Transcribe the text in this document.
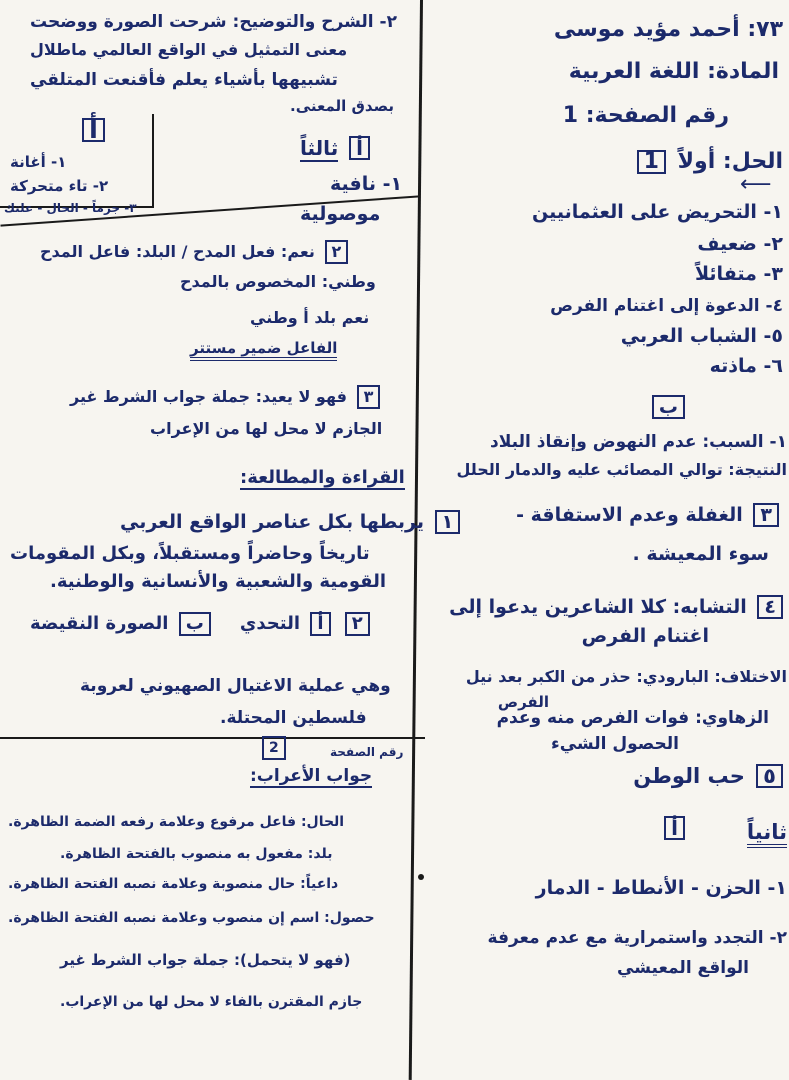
٧٣: أحمد مؤيد موسى
المادة: اللغة العربية
رقم الصفحة: 1
الحل: أولاً 1
⟵
١- التحريض على العثمانيين
٢- ضعيف
٣- متفائلاً
٤- الدعوة إلى اغتنام الفرص
٥- الشباب العربي
٦- ماذته
ب
١- السبب: عدم النهوض وإنقاذ البلاد
النتيجة: توالي المصائب عليه والدمار الحلل
٣ الغفلة وعدم الاستفاقة -
سوء المعيشة .
٤ التشابه: كلا الشاعرين يدعوا إلى
اغتنام الفرص
الاختلاف: البارودي: حذر من الكبر بعد نيل
الفرص
الزهاوي: فوات الفرص منه وعدم
الحصول الشيء
٥ حب الوطن
ثانياً
أ
١- الحزن - الأنطاط - الدمار
٢- التجدد واستمرارية مع عدم معرفة
الواقع المعيشي
٢- الشرح والتوضيح: شرحت الصورة ووضحت
معنى التمثيل في الواقع العالمي ماطلال
تشبيهها بأشياء يعلم فأقنعت المتلقي
بصدق المعنى.
أ
١- أغانة
٢- تاء متحركة
٣- جرماً - الحال - علتك
أ ثالثاً
١- نافية
موصولية
٢ نعم: فعل المدح / البلد: فاعل المدح
وطني: المخصوص بالمدح
نعم بلد أ وطني
الفاعل ضمير مستتر
٣ فهو لا يعيد: جملة جواب الشرط غير
الجازم لا محل لها من الإعراب
القراءة والمطالعة:
١ يربطها بكل عناصر الواقع العربي
تاريخاً وحاضراً ومستقبلاً، وبكل المقومات
القومية والشعبية والأنسانية والوطنية.
٢ أ التحدي    ب الصورة النقيضة
وهي عملية الاغتيال الصهيوني لعروبة
فلسطين المحتلة.
رقم الصفحة
2
جواب الأعراب:
الحال: فاعل مرفوع وعلامة رفعه الضمة الظاهرة.
بلد: مفعول به منصوب بالفتحة الظاهرة.
داعياً: حال منصوبة وعلامة نصبه الفتحة الظاهرة.
حصول: اسم إن منصوب وعلامة نصبه الفتحة الظاهرة.
(فهو لا يتحمل): جملة جواب الشرط غير
جازم المقترن بالفاء لا محل لها من الإعراب.
